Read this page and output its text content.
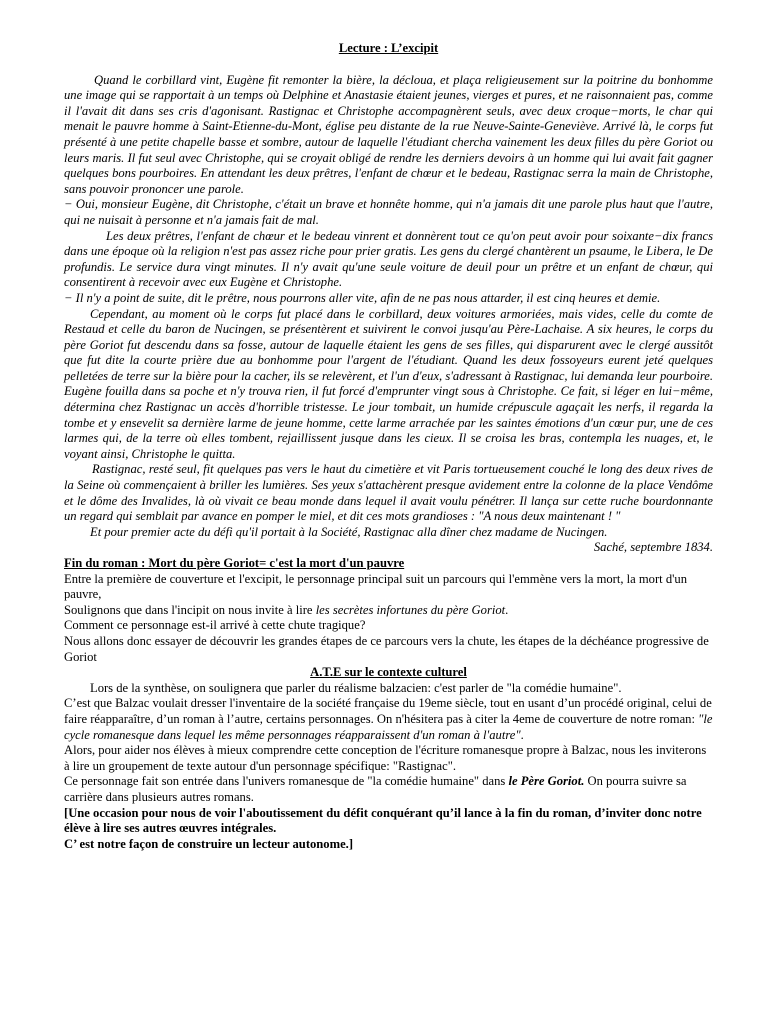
Lecture : L’excipit

Quand le corbillard vint, Eugène fit remonter la bière, la décloua, et plaça religieusement sur la poitrine du bonhomme une image qui se rapportait à un temps où Delphine et Anastasie étaient jeunes, vierges et pures, et ne raisonnaient pas, comme il l'avait dit dans ses cris d'agonisant. Rastignac et Christophe accompagnèrent seuls, avec deux croque−morts, le char qui menait le pauvre homme à Saint-Etienne-du-Mont, église peu distante de la rue Neuve-Sainte-Geneviève. Arrivé là, le corps fut présenté à une petite chapelle basse et sombre, autour de laquelle l'étudiant chercha vainement les deux filles du père Goriot ou leurs maris. Il fut seul avec Christophe, qui se croyait obligé de rendre les derniers devoirs à un homme qui lui avait fait gagner quelques bons pourboires. En attendant les deux prêtres, l'enfant de chœur et le bedeau, Rastignac serra la main de Christophe, sans pouvoir prononcer une parole.

− Oui, monsieur Eugène, dit Christophe, c'était un brave et honnête homme, qui n'a jamais dit une parole plus haut que l'autre, qui ne nuisait à personne et n'a jamais fait de mal.

Les deux prêtres, l'enfant de chœur et le bedeau vinrent et donnèrent tout ce qu'on peut avoir pour soixante−dix francs dans une époque où la religion n'est pas assez riche pour prier gratis. Les gens du clergé chantèrent un psaume, le Libera, le De profundis. Le service dura vingt minutes. Il n'y avait qu'une seule voiture de deuil pour un prêtre et un enfant de chœur, qui consentirent à recevoir avec eux Eugène et Christophe.

− Il n'y a point de suite, dit le prêtre, nous pourrons aller vite, afin de ne pas nous attarder, il est cinq heures et demie.

Cependant, au moment où le corps fut placé dans le corbillard, deux voitures armoriées, mais vides, celle du comte de Restaud et celle du baron de Nucingen, se présentèrent et suivirent le convoi jusqu'au Père-Lachaise. A six heures, le corps du père Goriot fut descendu dans sa fosse, autour de laquelle étaient les gens de ses filles, qui disparurent avec le clergé aussitôt que fut dite la courte prière due au bonhomme pour l'argent de l'étudiant. Quand les deux fossoyeurs eurent jeté quelques pelletées de terre sur la bière pour la cacher, ils se relevèrent, et l'un d'eux, s'adressant à Rastignac, lui demanda leur pourboire. Eugène fouilla dans sa poche et n'y trouva rien, il fut forcé d'emprunter vingt sous à Christophe. Ce fait, si léger en lui−même, détermina chez Rastignac un accès d'horrible tristesse. Le jour tombait, un humide crépuscule agaçait les nerfs, il regarda la tombe et y ensevelit sa dernière larme de jeune homme, cette larme arrachée par les saintes émotions d'un cœur pur, une de ces larmes qui, de la terre où elles tombent, rejaillissent jusque dans les cieux. Il se croisa les bras, contempla les nuages, et, le voyant ainsi, Christophe le quitta.

Rastignac, resté seul, fit quelques pas vers le haut du cimetière et vit Paris tortueusement couché le long des deux rives de la Seine où commençaient à briller les lumières. Ses yeux s'attachèrent presque avidement entre la colonne de la place Vendôme et le dôme des Invalides, là où vivait ce beau monde dans lequel il avait voulu pénétrer. Il lança sur cette ruche bourdonnante un regard qui semblait par avance en pomper le miel, et dit ces mots grandioses : "A nous deux maintenant ! "

Et pour premier acte du défi qu'il portait à la Société, Rastignac alla dîner chez madame de Nucingen.

Saché, septembre 1834.

Fin du roman : Mort du père Goriot= c'est la mort d'un pauvre

Entre la première de couverture et l'excipit, le personnage principal suit un parcours qui l'emmène vers la mort, la mort d'un pauvre,

Soulignons que dans l'incipit on nous invite à lire les secrètes infortunes du père Goriot.

Comment ce personnage est-il arrivé à cette chute tragique?

Nous allons donc essayer de découvrir les grandes étapes de ce parcours vers la chute, les étapes de la déchéance progressive de Goriot

A.T.E sur le contexte culturel

Lors de la synthèse, on soulignera que parler du réalisme balzacien: c'est parler de "la comédie humaine".

C’est que Balzac voulait dresser l'inventaire de la société française du 19eme siècle, tout en usant d’un procédé original, celui de faire réapparaître, d’un roman à l’autre, certains personnages. On n'hésitera pas à citer la 4eme de couverture de notre roman: "le cycle romanesque dans lequel les même personnages réapparaissent d'un roman à l'autre".

Alors, pour aider nos élèves à mieux comprendre cette conception de l'écriture romanesque propre à Balzac, nous les inviterons à lire un groupement de texte autour d'un personnage spécifique: "Rastignac".

Ce personnage fait son entrée dans l'univers romanesque de "la comédie humaine" dans le Père Goriot. On pourra suivre sa carrière dans plusieurs autres romans.

[Une occasion pour nous de voir l'aboutissement du défit conquérant qu’il lance à la fin du roman, d’inviter donc notre élève à lire ses autres œuvres intégrales.

C’ est notre façon de construire un lecteur autonome.]
